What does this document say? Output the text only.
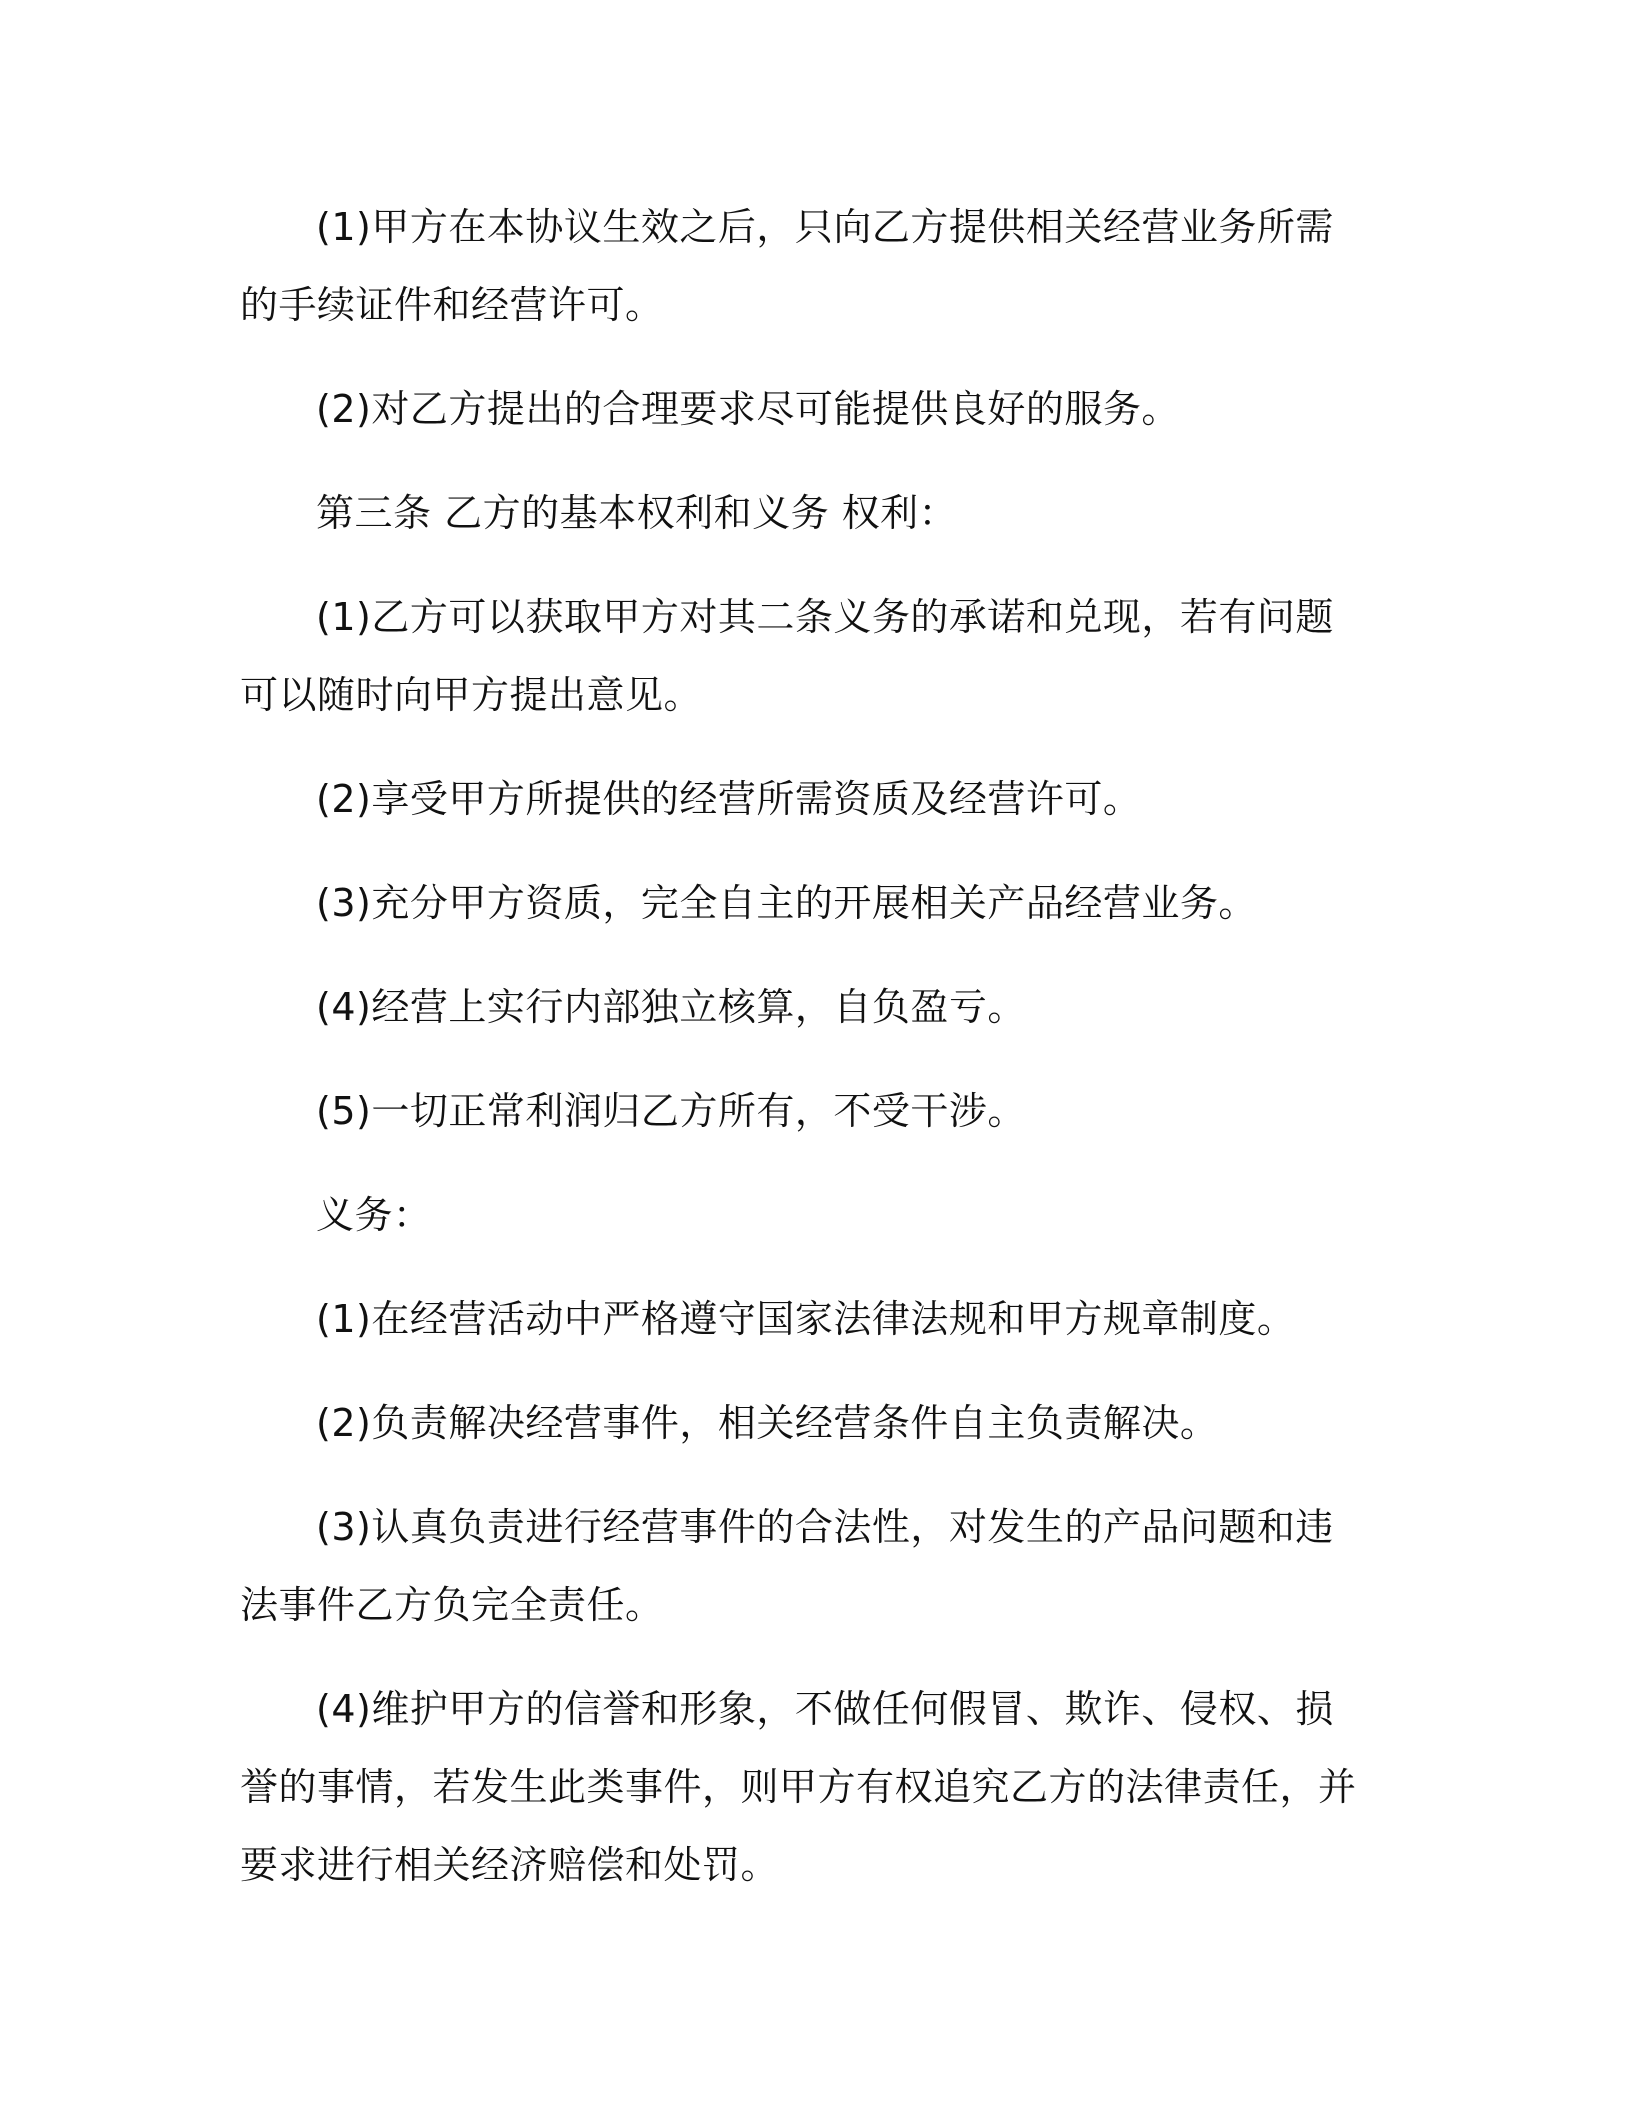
(1)甲方在本协议生效之后，只向乙方提供相关经营业务所需的手续证件和经营许可。

(2)对乙方提出的合理要求尽可能提供良好的服务。

第三条 乙方的基本权利和义务 权利：

(1)乙方可以获取甲方对其二条义务的承诺和兑现，若有问题可以随时向甲方提出意见。

(2)享受甲方所提供的经营所需资质及经营许可。

(3)充分甲方资质，完全自主的开展相关产品经营业务。

(4)经营上实行内部独立核算，自负盈亏。

(5)一切正常利润归乙方所有，不受干涉。

义务：

(1)在经营活动中严格遵守国家法律法规和甲方规章制度。

(2)负责解决经营事件，相关经营条件自主负责解决。

(3)认真负责进行经营事件的合法性，对发生的产品问题和违法事件乙方负完全责任。

(4)维护甲方的信誉和形象，不做任何假冒、欺诈、侵权、损誉的事情，若发生此类事件，则甲方有权追究乙方的法律责任，并要求进行相关经济赔偿和处罚。
